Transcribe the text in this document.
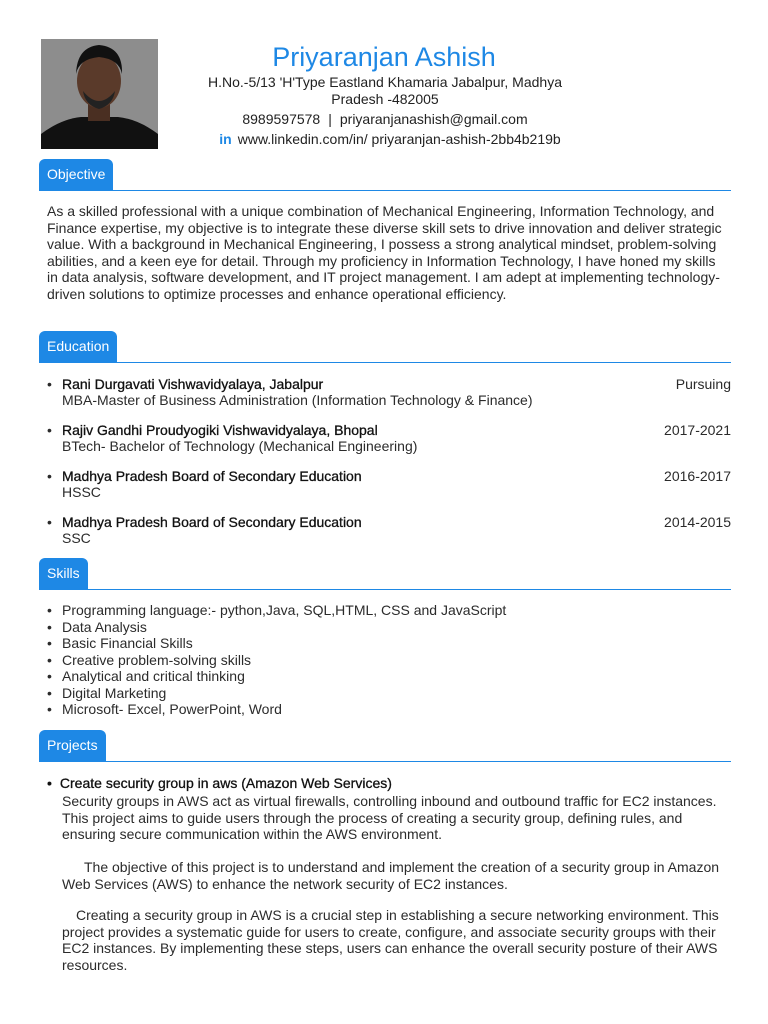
Priyaranjan Ashish
H.No.-5/13 'H'Type Eastland Khamaria Jabalpur, Madhya Pradesh -482005
8989597578 | priyaranjanashish@gmail.com
in www.linkedin.com/in/ priyaranjan-ashish-2bb4b219b
Objective
As a skilled professional with a unique combination of Mechanical Engineering, Information Technology, and Finance expertise, my objective is to integrate these diverse skill sets to drive innovation and deliver strategic value. With a background in Mechanical Engineering, I possess a strong analytical mindset, problem-solving abilities, and a keen eye for detail. Through my proficiency in Information Technology, I have honed my skills in data analysis, software development, and IT project management. I am adept at implementing technology-driven solutions to optimize processes and enhance operational efficiency.
Education
• Rani Durgavati Vishwavidyalaya, Jabalpur
MBA-Master of Business Administration (Information Technology & Finance)
Pursuing
• Rajiv Gandhi Proudyogiki Vishwavidyalaya, Bhopal
BTech- Bachelor of Technology (Mechanical Engineering)
2017-2021
• Madhya Pradesh Board of Secondary Education
HSSC
2016-2017
• Madhya Pradesh Board of Secondary Education
SSC
2014-2015
Skills
• Programming language:- python,Java, SQL,HTML, CSS and JavaScript
• Data Analysis
• Basic Financial Skills
• Creative problem-solving skills
• Analytical and critical thinking
• Digital Marketing
• Microsoft- Excel, PowerPoint, Word
Projects
• Create security group in aws (Amazon Web Services)
Security groups in AWS act as virtual firewalls, controlling inbound and outbound traffic for EC2 instances. This project aims to guide users through the process of creating a security group, defining rules, and ensuring secure communication within the AWS environment.
The objective of this project is to understand and implement the creation of a security group in Amazon Web Services (AWS) to enhance the network security of EC2 instances.
Creating a security group in AWS is a crucial step in establishing a secure networking environment. This project provides a systematic guide for users to create, configure, and associate security groups with their EC2 instances. By implementing these steps, users can enhance the overall security posture of their AWS resources.
